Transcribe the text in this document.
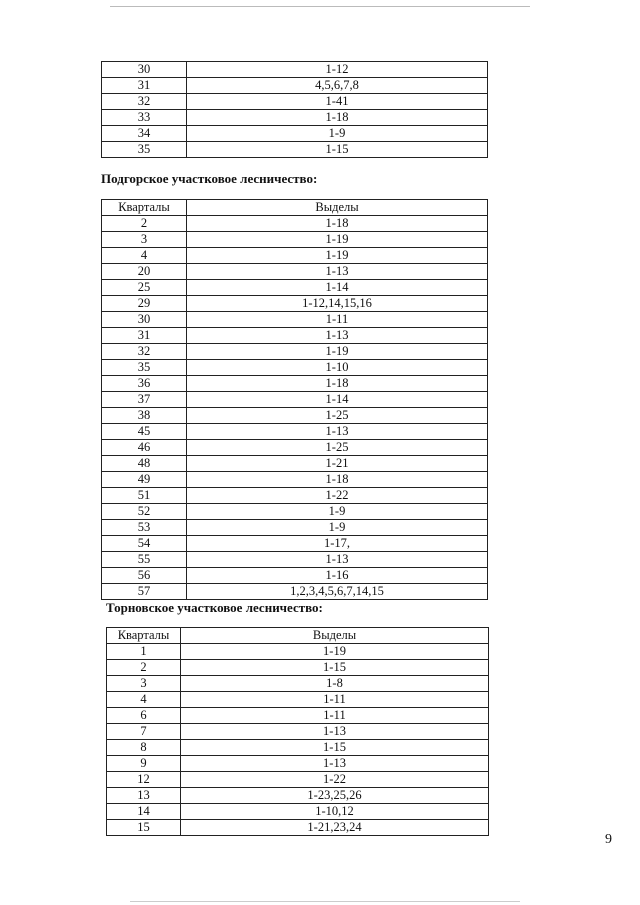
30	1-12
31	4,5,6,7,8
32	1-41
33	1-18
34	1-9
35	1-15
Подгорское участковое лесничество:
Кварталы	Выделы
2	1-18
3	1-19
4	1-19
20	1-13
25	1-14
29	1-12,14,15,16
30	1-11
31	1-13
32	1-19
35	1-10
36	1-18
37	1-14
38	1-25
45	1-13
46	1-25
48	1-21
49	1-18
51	1-22
52	1-9
53	1-9
54	1-17,
55	1-13
56	1-16
57	1,2,3,4,5,6,7,14,15
Торновское участковое лесничество:
Кварталы	Выделы
1	1-19
2	1-15
3	1-8
4	1-11
6	1-11
7	1-13
8	1-15
9	1-13
12	1-22
13	1-23,25,26
14	1-10,12
15	1-21,23,24
9
